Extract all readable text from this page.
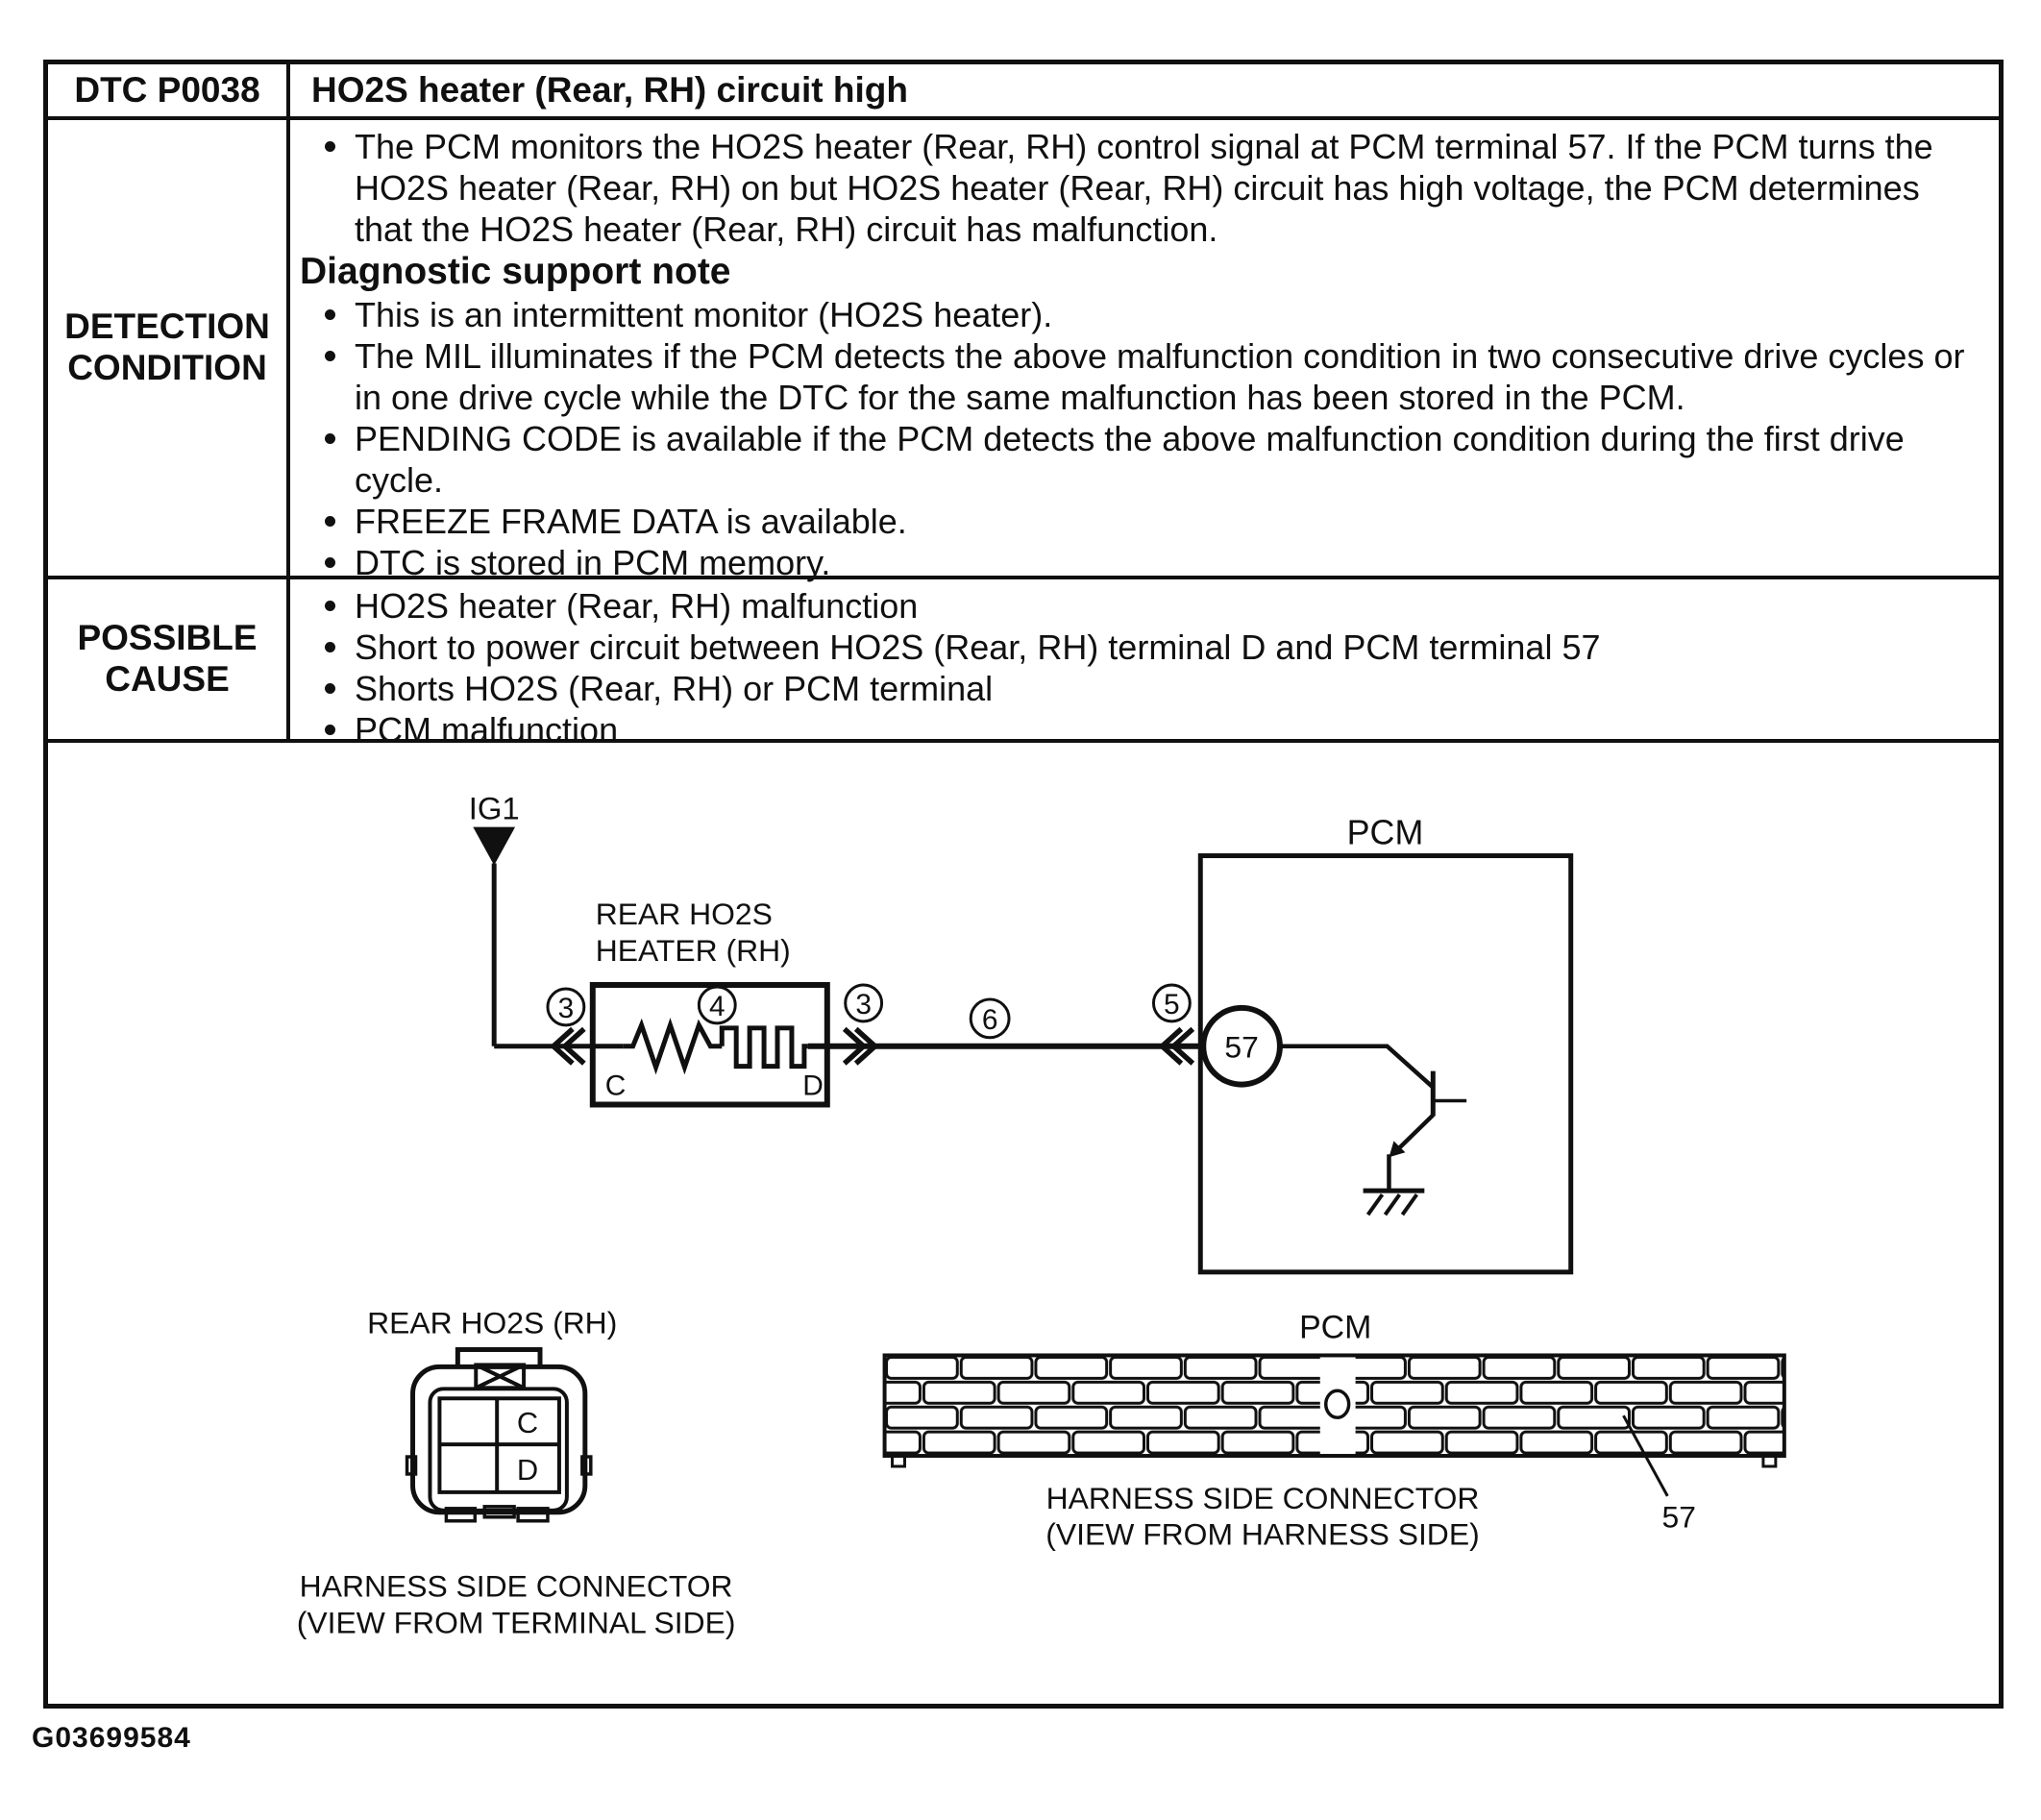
DTC P0038 HO2S heater (Rear, RH) circuit high
DETECTION CONDITION
The PCM monitors the HO2S heater (Rear, RH) control signal at PCM terminal 57. If the PCM turns the HO2S heater (Rear, RH) on but HO2S heater (Rear, RH) circuit has high voltage, the PCM determines that the HO2S heater (Rear, RH) circuit has malfunction.

Diagnostic support note

This is an intermittent monitor (HO2S heater).
The MIL illuminates if the PCM detects the above malfunction condition in two consecutive drive cycles or in one drive cycle while the DTC for the same malfunction has been stored in the PCM.
PENDING CODE is available if the PCM detects the above malfunction condition during the first drive cycle.
FREEZE FRAME DATA is available.
DTC is stored in PCM memory.
POSSIBLE CAUSE
HO2S heater (Rear, RH) malfunction
Short to power circuit between HO2S (Rear, RH) terminal D and PCM terminal 57
Shorts HO2S (Rear, RH) or PCM terminal
PCM malfunction
IG1
REAR HO2S
HEATER (RH)
C	D
3	4	3	6	5
PCM
57
REAR HO2S (RH)
C
D
HARNESS SIDE CONNECTOR
(VIEW FROM TERMINAL SIDE)
PCM
57
HARNESS SIDE CONNECTOR
(VIEW FROM HARNESS SIDE)
G03699584
